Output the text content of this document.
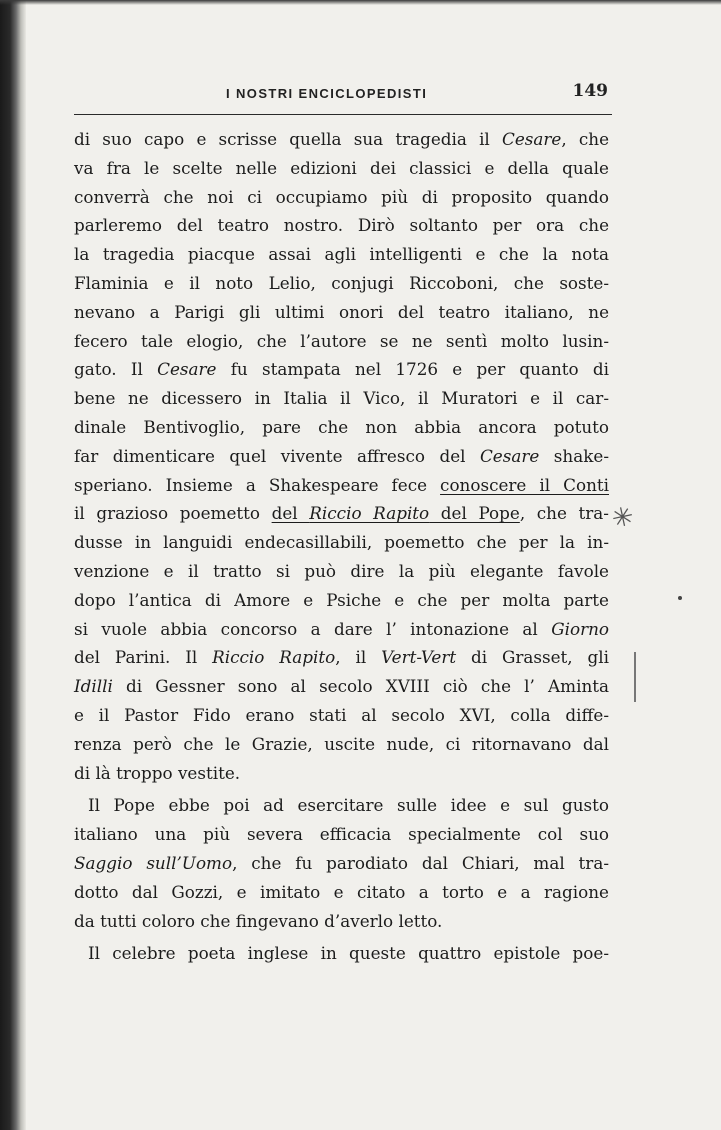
I NOSTRI ENCICLOPEDISTI	149
di suo capo e scrisse quella sua tragedia il Cesare, che
va fra le scelte nelle edizioni dei classici e della quale
converrà che noi ci occupiamo più di proposito quando
parleremo del teatro nostro. Dirò soltanto per ora che
la tragedia piacque assai agli intelligenti e che la nota
Flaminia e il noto Lelio, conjugi Riccoboni, che soste-
nevano a Parigi gli ultimi onori del teatro italiano, ne
fecero tale elogio, che l’autore se ne sentì molto lusin-
gato. Il Cesare fu stampata nel 1726 e per quanto di
bene ne dicessero in Italia il Vico, il Muratori e il car-
dinale Bentivoglio, pare che non abbia ancora potuto
far dimenticare quel vivente affresco del Cesare shake-
speriano. Insieme a Shakespeare fece conoscere il Conti
il grazioso poemetto del Riccio Rapito del Pope, che tra-
dusse in languidi endecasillabili, poemetto che per la in-
venzione e il tratto si può dire la più elegante favole
dopo l’antica di Amore e Psiche e che per molta parte
si vuole abbia concorso a dare l’ intonazione al Giorno
del Parini. Il Riccio Rapito, il Vert-Vert di Grasset, gli
Idilli di Gessner sono al secolo XVIII ciò che l’ Aminta
e il Pastor Fido erano stati al secolo XVI, colla diffe-
renza però che le Grazie, uscite nude, ci ritornavano dal
di là troppo vestite.
Il Pope ebbe poi ad esercitare sulle idee e sul gusto
italiano una più severa efficacia specialmente col suo
Saggio sull’Uomo, che fu parodiato dal Chiari, mal tra-
dotto dal Gozzi, e imitato e citato a torto e a ragione
da tutti coloro che fingevano d’averlo letto.
Il celebre poeta inglese in queste quattro epistole poe-
✳
